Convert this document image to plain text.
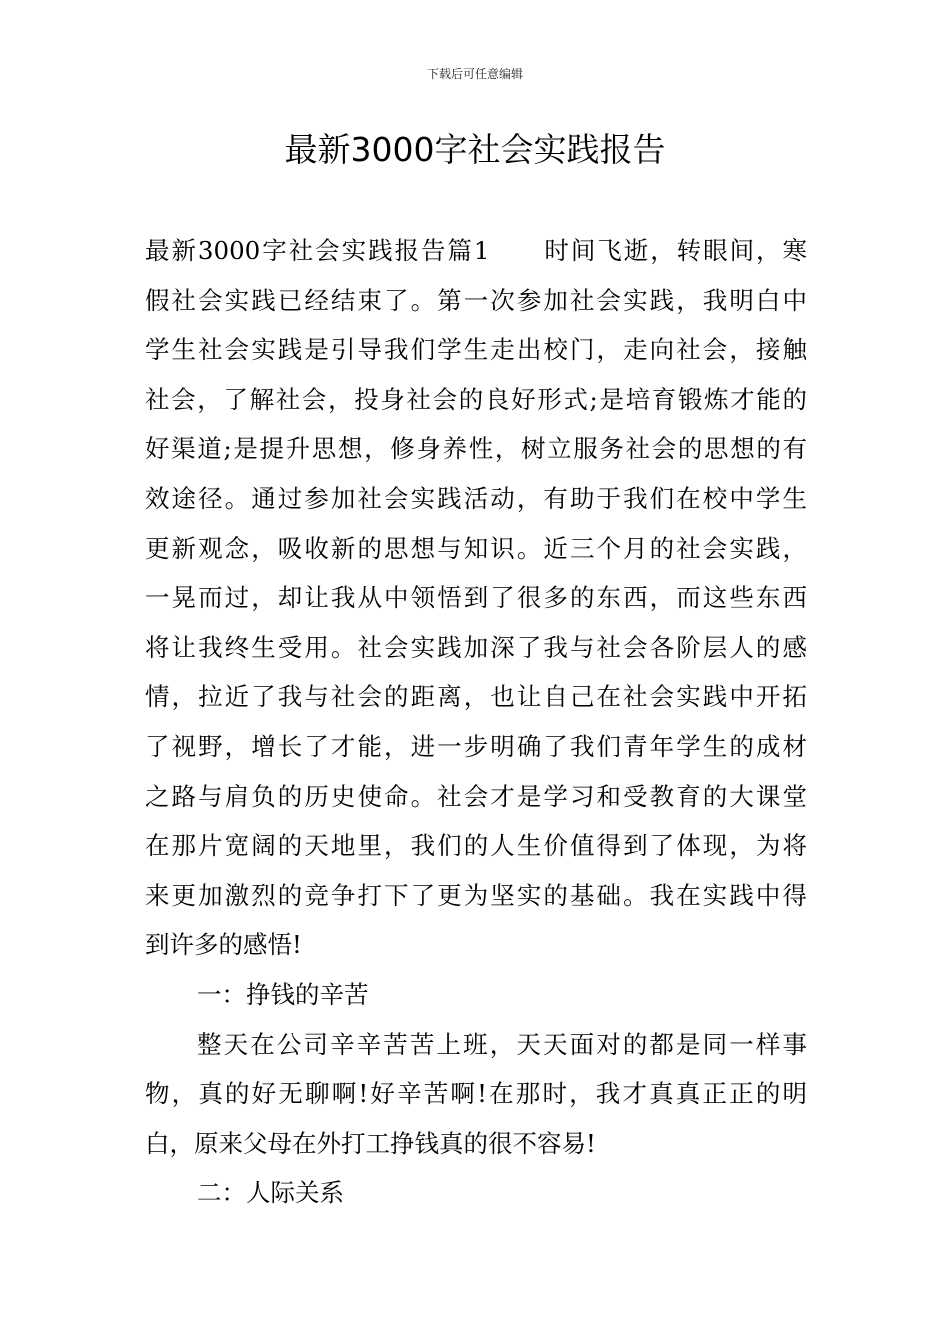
下载后可任意编辑
最新3000字社会实践报告
最新3000字社会实践报告篇1　　时间飞逝，转眼间，寒
假社会实践已经结束了。第一次参加社会实践，我明白中
学生社会实践是引导我们学生走出校门，走向社会，接触
社会，了解社会，投身社会的良好形式;是培育锻炼才能的
好渠道;是提升思想，修身养性，树立服务社会的思想的有
效途径。通过参加社会实践活动，有助于我们在校中学生
更新观念，吸收新的思想与知识。近三个月的社会实践，
一晃而过，却让我从中领悟到了很多的东西，而这些东西
将让我终生受用。社会实践加深了我与社会各阶层人的感
情，拉近了我与社会的距离，也让自己在社会实践中开拓
了视野，增长了才能，进一步明确了我们青年学生的成材
之路与肩负的历史使命。社会才是学习和受教育的大课堂
在那片宽阔的天地里，我们的人生价值得到了体现，为将
来更加激烈的竞争打下了更为坚实的基础。我在实践中得
到许多的感悟!
一：挣钱的辛苦
整天在公司辛辛苦苦上班，天天面对的都是同一样事
物，真的好无聊啊!好辛苦啊!在那时，我才真真正正的明
白，原来父母在外打工挣钱真的很不容易!
二：人际关系
